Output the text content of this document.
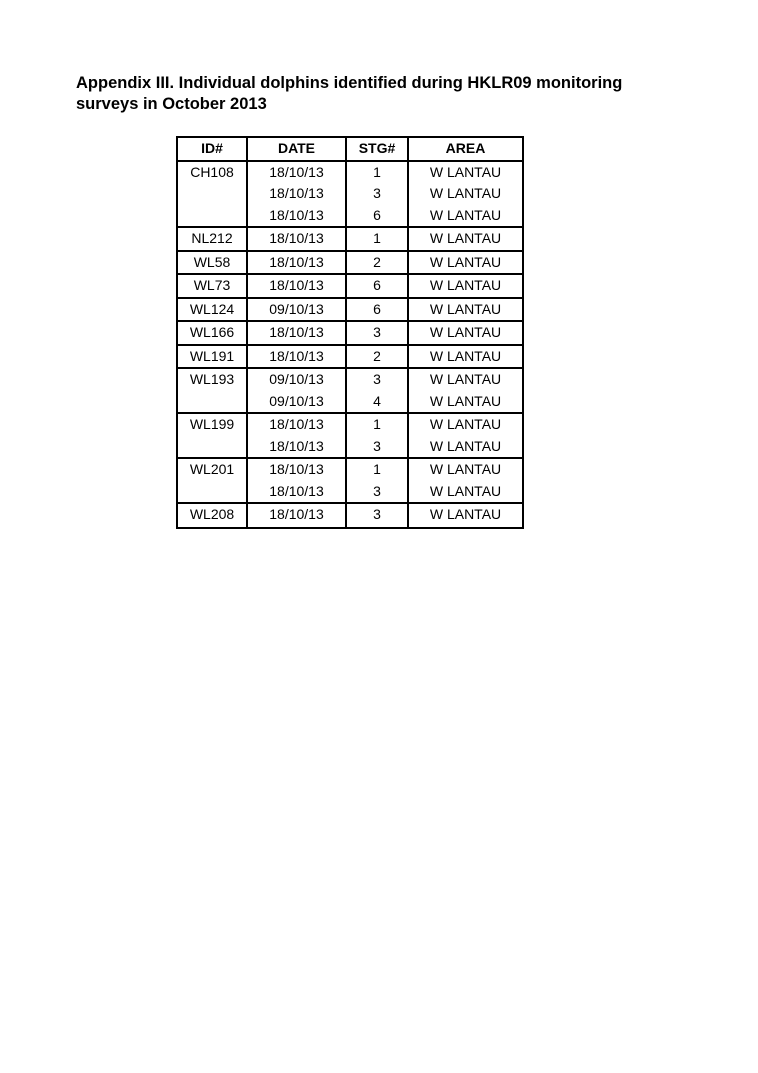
Appendix III. Individual dolphins identified during HKLR09 monitoring
surveys in October 2013
ID#	DATE	STG#	AREA
CH108	18/10/13	1	W LANTAU
	18/10/13	3	W LANTAU
	18/10/13	6	W LANTAU
NL212	18/10/13	1	W LANTAU
WL58	18/10/13	2	W LANTAU
WL73	18/10/13	6	W LANTAU
WL124	09/10/13	6	W LANTAU
WL166	18/10/13	3	W LANTAU
WL191	18/10/13	2	W LANTAU
WL193	09/10/13	3	W LANTAU
	09/10/13	4	W LANTAU
WL199	18/10/13	1	W LANTAU
	18/10/13	3	W LANTAU
WL201	18/10/13	1	W LANTAU
	18/10/13	3	W LANTAU
WL208	18/10/13	3	W LANTAU
